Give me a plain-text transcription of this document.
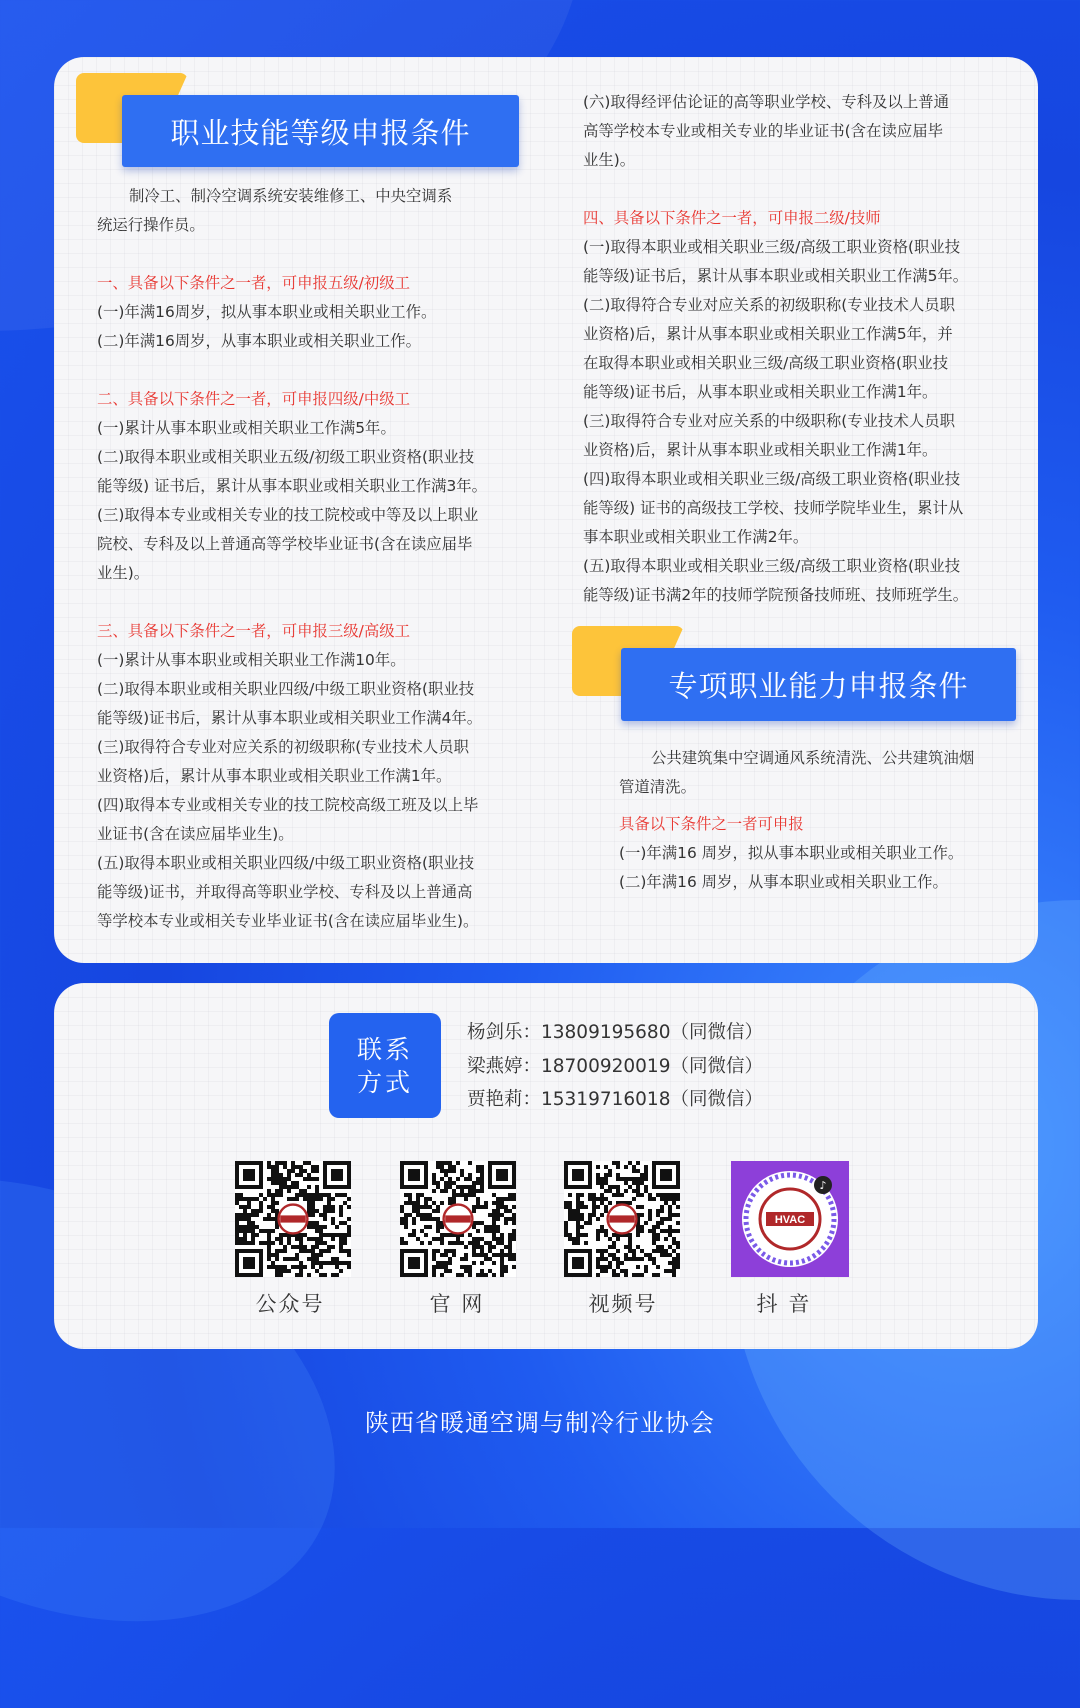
职业技能等级申报条件

制冷工、制冷空调系统安装维修工、中央空调系

统运行操作员。

一、具备以下条件之一者，可申报五级/初级工

(一)年满16周岁，拟从事本职业或相关职业工作。

(二)年满16周岁，从事本职业或相关职业工作。

二、具备以下条件之一者，可申报四级/中级工

(一)累计从事本职业或相关职业工作满5年。

(二)取得本职业或相关职业五级/初级工职业资格(职业技

能等级) 证书后，累计从事本职业或相关职业工作满3年。

(三)取得本专业或相关专业的技工院校或中等及以上职业

院校、专科及以上普通高等学校毕业证书(含在读应届毕

业生)。

三、具备以下条件之一者，可申报三级/高级工

(一)累计从事本职业或相关职业工作满10年。

(二)取得本职业或相关职业四级/中级工职业资格(职业技

能等级)证书后，累计从事本职业或相关职业工作满4年。

(三)取得符合专业对应关系的初级职称(专业技术人员职

业资格)后，累计从事本职业或相关职业工作满1年。

(四)取得本专业或相关专业的技工院校高级工班及以上毕

业证书(含在读应届毕业生)。

(五)取得本职业或相关职业四级/中级工职业资格(职业技

能等级)证书，并取得高等职业学校、专科及以上普通高

等学校本专业或相关专业毕业证书(含在读应届毕业生)。

(六)取得经评估论证的高等职业学校、专科及以上普通

高等学校本专业或相关专业的毕业证书(含在读应届毕

业生)。

四、具备以下条件之一者，可申报二级/技师

(一)取得本职业或相关职业三级/高级工职业资格(职业技

能等级)证书后，累计从事本职业或相关职业工作满5年。

(二)取得符合专业对应关系的初级职称(专业技术人员职

业资格)后，累计从事本职业或相关职业工作满5年，并

在取得本职业或相关职业三级/高级工职业资格(职业技

能等级)证书后，从事本职业或相关职业工作满1年。

(三)取得符合专业对应关系的中级职称(专业技术人员职

业资格)后，累计从事本职业或相关职业工作满1年。

(四)取得本职业或相关职业三级/高级工职业资格(职业技

能等级) 证书的高级技工学校、技师学院毕业生，累计从

事本职业或相关职业工作满2年。

(五)取得本职业或相关职业三级/高级工职业资格(职业技

能等级)证书满2年的技师学院预备技师班、技师班学生。

专项职业能力申报条件

公共建筑集中空调通风系统清洗、公共建筑油烟

管道清洗。

具备以下条件之一者可申报

(一)年满16 周岁，拟从事本职业或相关职业工作。

(二)年满16 周岁，从事本职业或相关职业工作。

联系
方式
杨剑乐：13809195680（同微信）
梁燕婷：18700920019（同微信）
贾艳莉：15319716018（同微信）
HVAC
♪
公众号	官 网	视频号	抖 音
陕西省暖通空调与制冷行业协会
